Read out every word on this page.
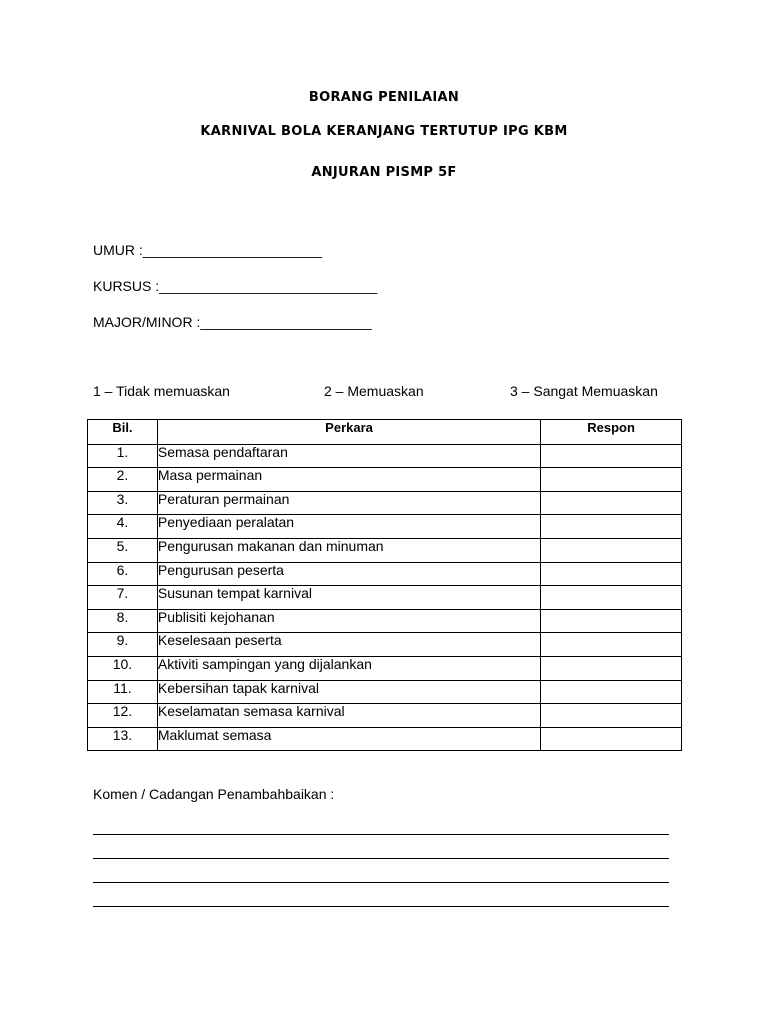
BORANG PENILAIAN
KARNIVAL BOLA KERANJANG TERTUTUP IPG KBM
ANJURAN PISMP 5F
UMUR :_______________________
KURSUS :____________________________
MAJOR/MINOR :______________________
1 – Tidak memuaskan	2 – Memuaskan	3 – Sangat Memuaskan
Bil.	Perkara	Respon
1.	Semasa pendaftaran	
2.	Masa permainan	
3.	Peraturan permainan	
4.	Penyediaan peralatan	
5.	Pengurusan makanan dan minuman	
6.	Pengurusan peserta	
7.	Susunan tempat karnival	
8.	Publisiti kejohanan	
9.	Keselesaan peserta	
10.	Aktiviti sampingan yang dijalankan	
11.	Kebersihan tapak karnival	
12.	Keselamatan semasa karnival	
13.	Maklumat semasa	
Komen / Cadangan Penambahbaikan :
